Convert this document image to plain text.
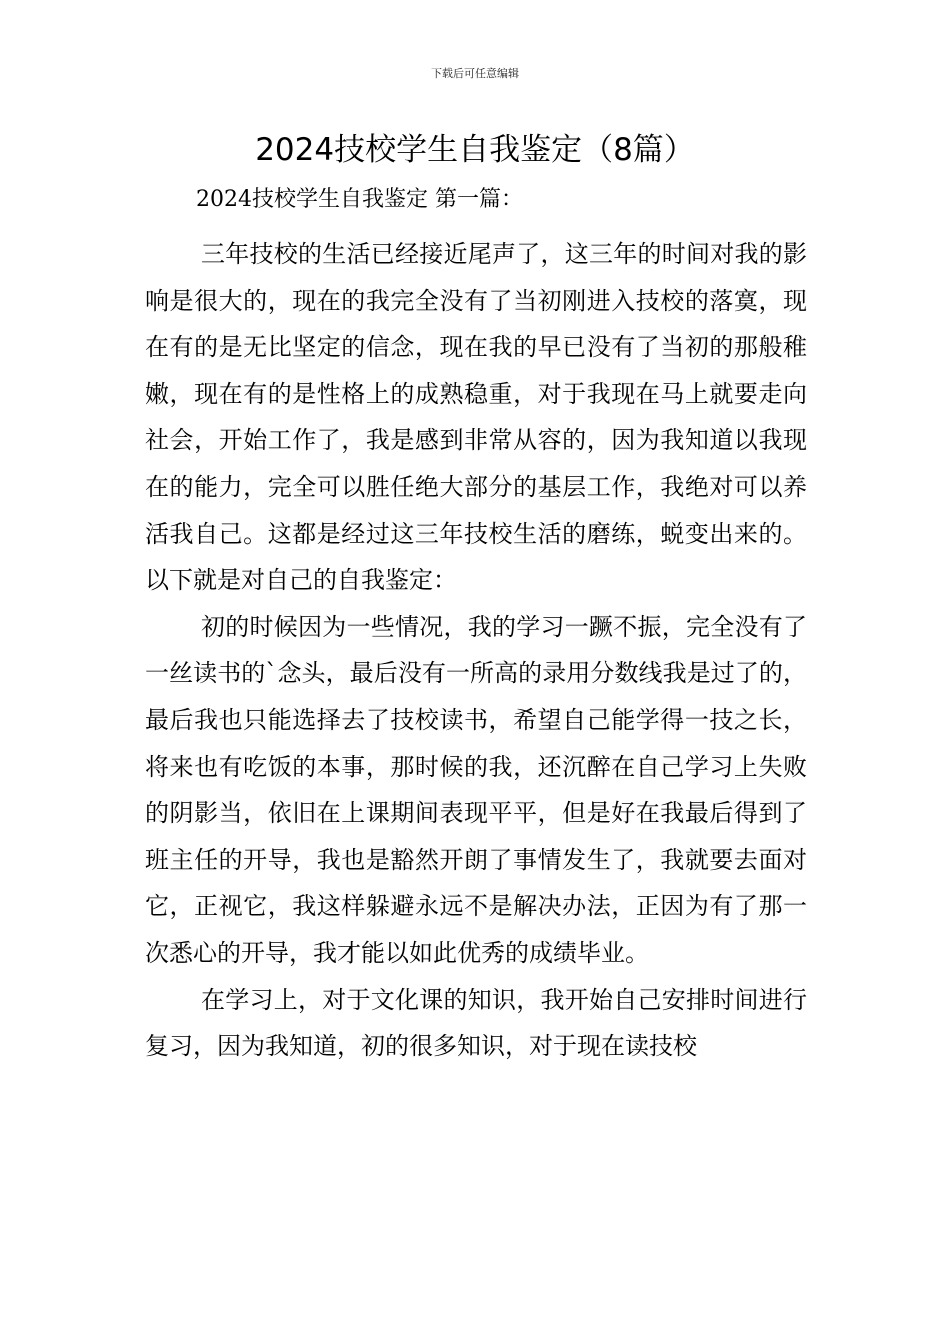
下载后可任意编辑
2024技校学生自我鉴定（8篇）
2024技校学生自我鉴定 第一篇：

三年技校的生活已经接近尾声了，这三年的时间对我的影响是很大的，现在的我完全没有了当初刚进入技校的落寞，现在有的是无比坚定的信念，现在我的早已没有了当初的那般稚嫩，现在有的是性格上的成熟稳重，对于我现在马上就要走向社会，开始工作了，我是感到非常从容的，因为我知道以我现在的能力，完全可以胜任绝大部分的基层工作，我绝对可以养活我自己。这都是经过这三年技校生活的磨练，蜕变出来的。以下就是对自己的自我鉴定：

初的时候因为一些情况，我的学习一蹶不振，完全没有了一丝读书的`念头，最后没有一所高的录用分数线我是过了的，最后我也只能选择去了技校读书，希望自己能学得一技之长，将来也有吃饭的本事，那时候的我，还沉醉在自己学习上失败的阴影当，依旧在上课期间表现平平，但是好在我最后得到了班主任的开导，我也是豁然开朗了事情发生了，我就要去面对它，正视它，我这样躲避永远不是解决办法，正因为有了那一次悉心的开导，我才能以如此优秀的成绩毕业。

在学习上，对于文化课的知识，我开始自己安排时间进行复习，因为我知道，初的很多知识，对于现在读技校
